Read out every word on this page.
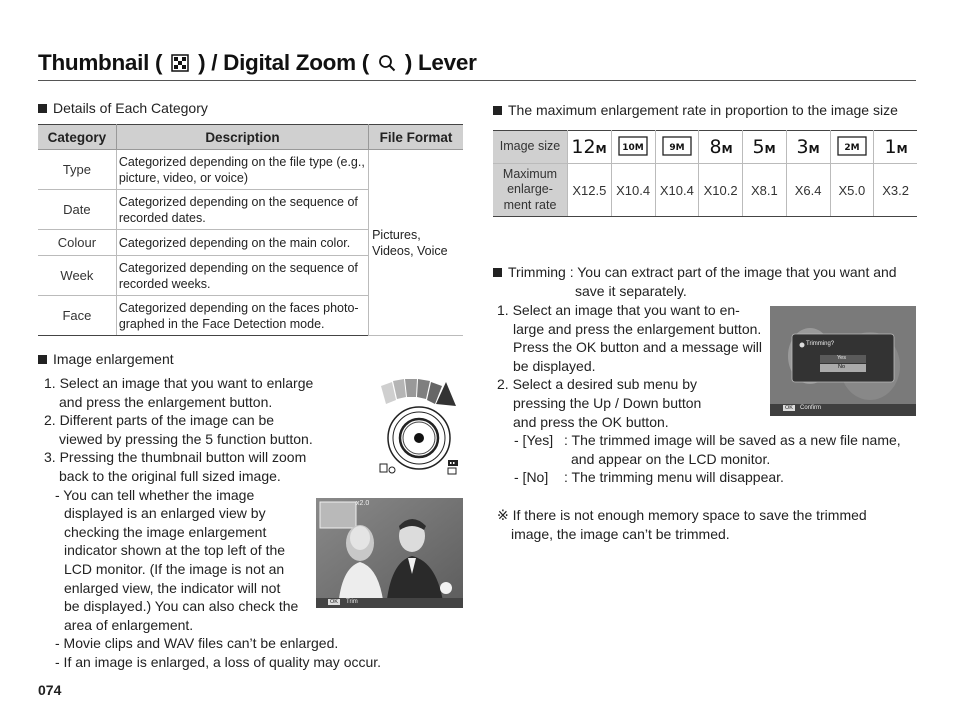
Thumbnail ( ) / Digital Zoom ( ) Lever
Details of Each Category
Category	Description	File Format
Type	Categorized depending on the file type (e.g., picture, video, or voice)	Pictures, Videos, Voice

Date	Categorized depending on the sequence of recorded dates.	
Colour	Categorized depending on the main color.	
Week	Categorized depending on the sequence of recorded weeks.	
Face	Categorized depending on the faces photo-graphed in the Face Detection mode.	
Image enlargement
1. Select an image that you want to enlarge
and press the enlargement button.
2. Different parts of the image can be
viewed by pressing the 5 function button.
3. Pressing the thumbnail button will zoom
back to the original full sized image.
- You can tell whether the image
displayed is an enlarged view by
checking the image enlargement
indicator shown at the top left of the
LCD monitor. (If the image is not an
enlarged view, the indicator will not
be displayed.) You can also check the
area of enlargement.
- Movie clips and WAV files can’t be enlarged.
- If an image is enlarged, a loss of quality may occur.
x2.0
OK	Trim
The maximum enlargement rate in proportion to the image size
Image size	12M	10M	9M	8M	5M	3M	2M	1M

Maximum enlarge-ment rate	X12.5	X10.4	X10.4	X10.2	X8.1	X6.4	X5.0	X3.2
Trimming : You can extract part of the image that you want and
save it separately.
1. Select an image that you want to en-
large and press the enlargement button.
Press the OK button and a message will
be displayed.
2. Select a desired sub menu by
pressing the Up / Down button
and press the OK button.
- [Yes] : The trimmed image will be saved as a new file name,
and appear on the LCD monitor.
- [No] : The trimming menu will disappear.
※ If there is not enough memory space to save the trimmed
image, the image can’t be trimmed.
Trimming?
Yes
No
OK	Confirm
074
